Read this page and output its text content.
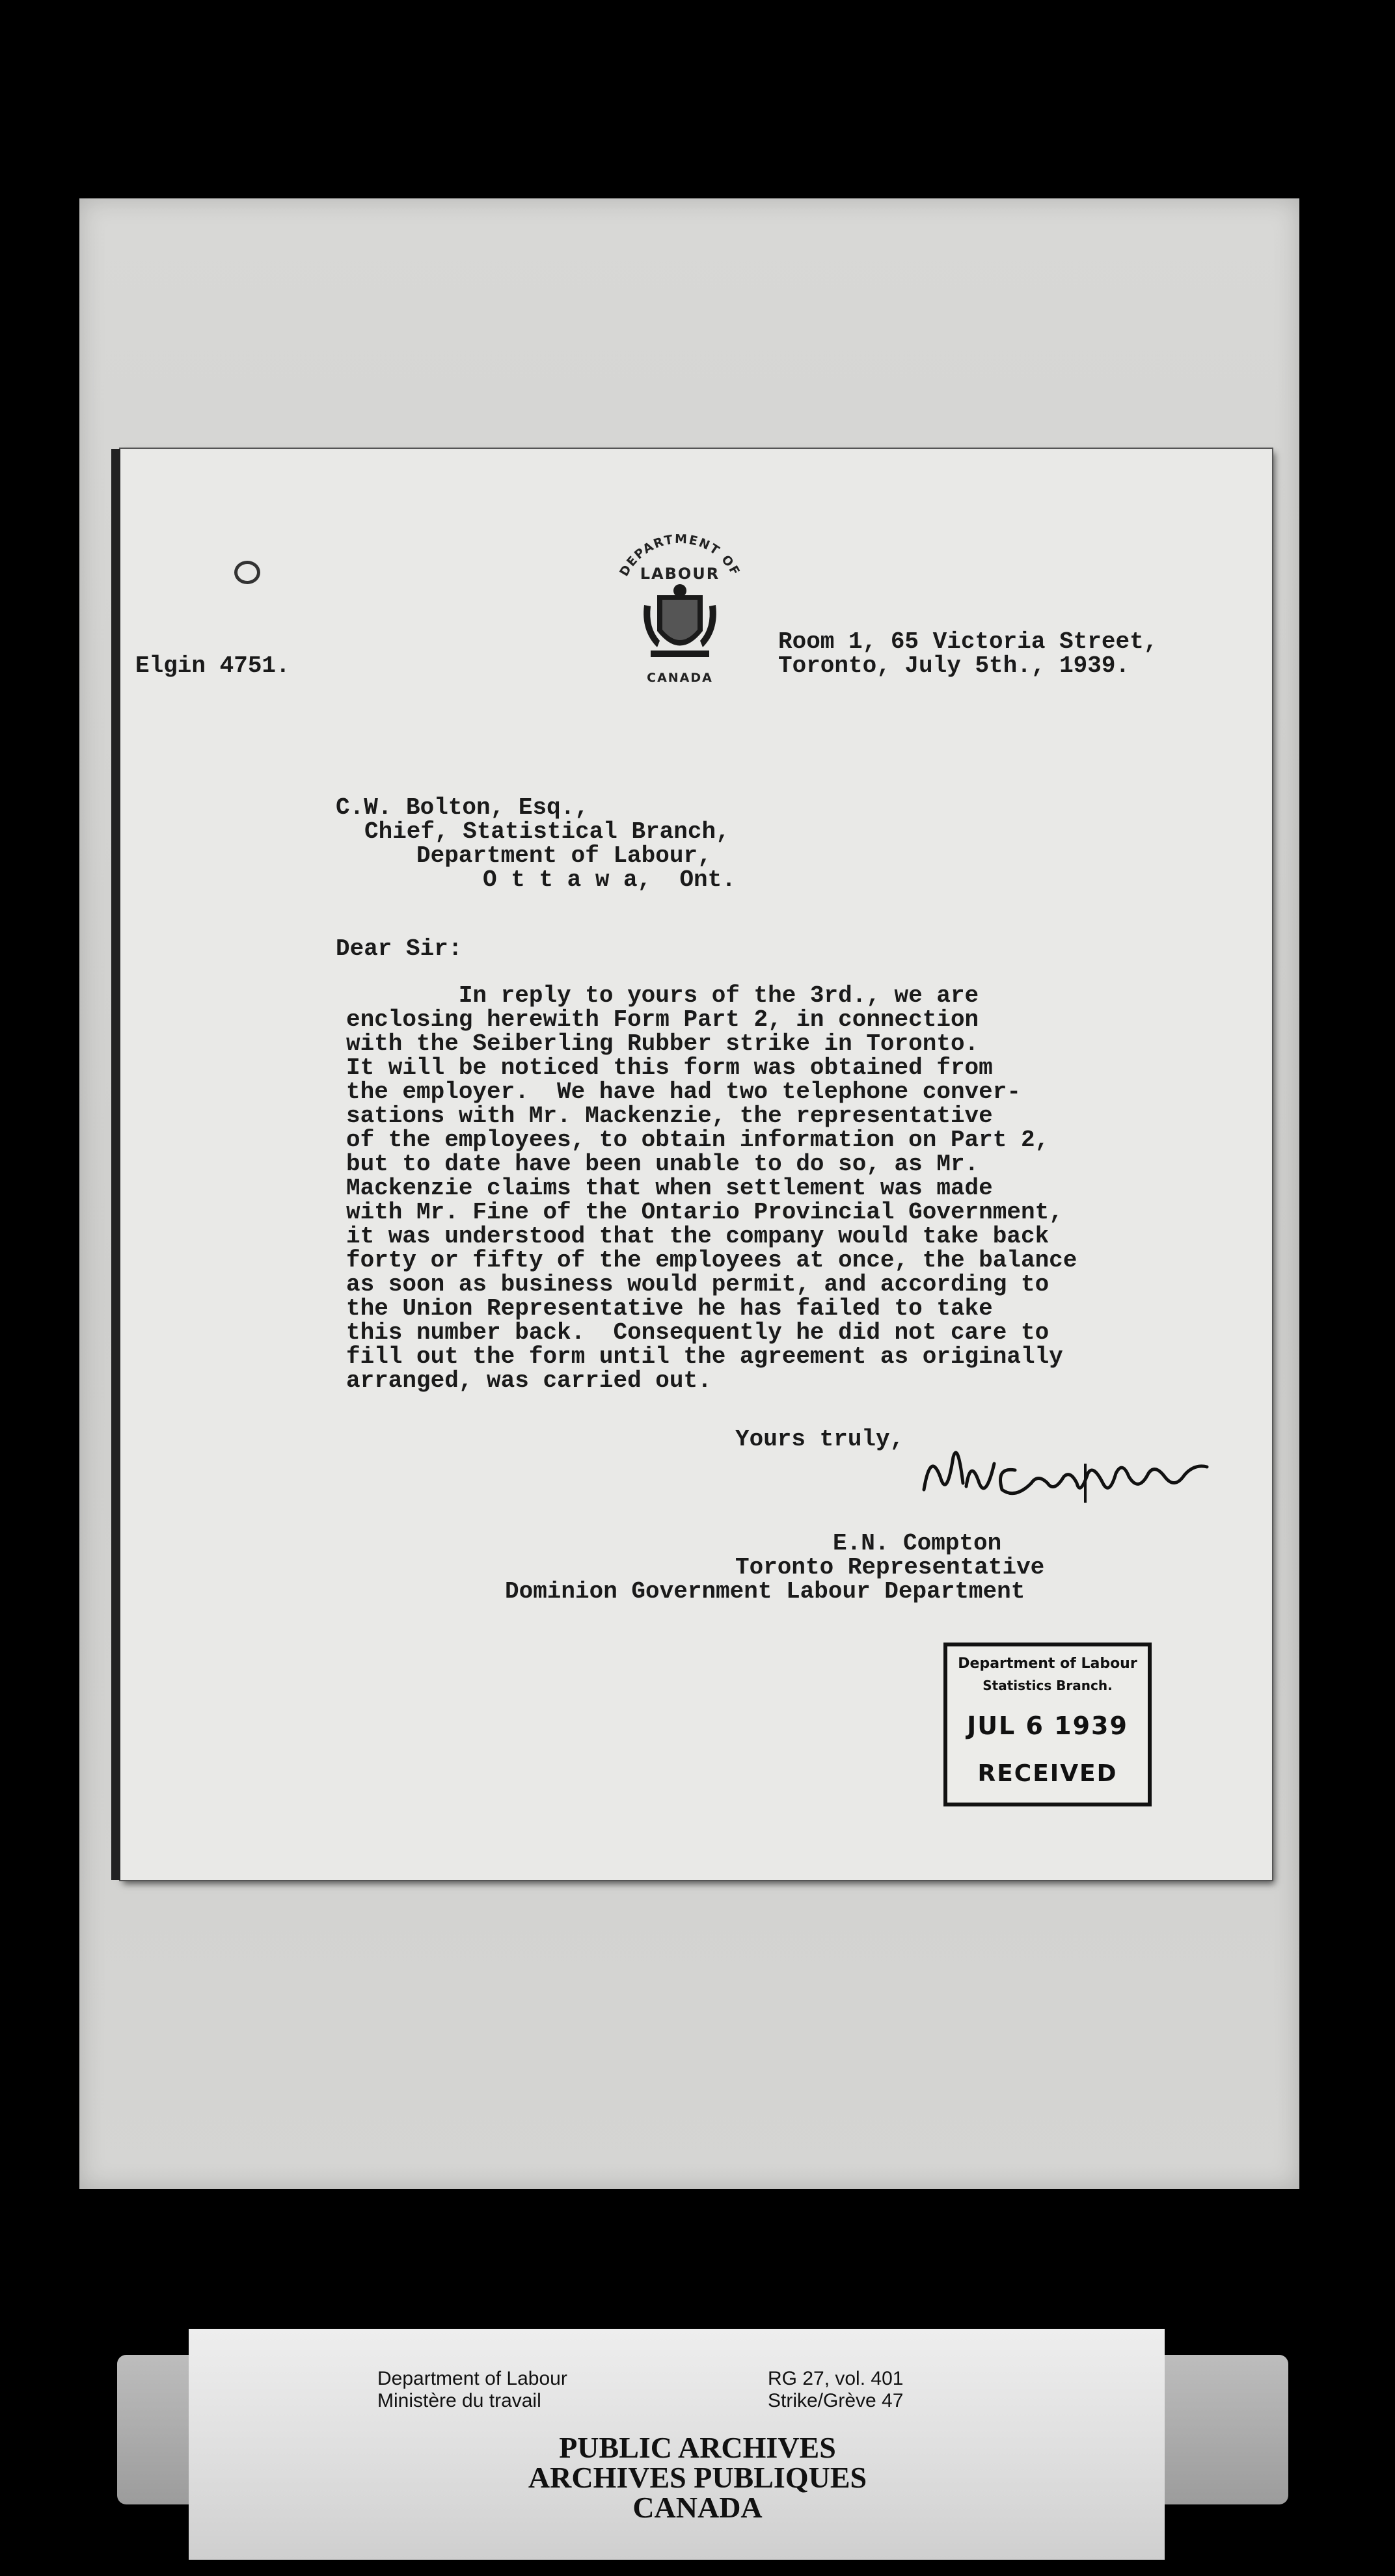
DEPARTMENT OF
LABOUR
CANADA
Elgin 4751.
Room 1, 65 Victoria Street,
Toronto, July 5th., 1939.
C.W. Bolton, Esq.,
Chief, Statistical Branch,
Department of Labour,
O t t a w a,  Ont.
Dear Sir:
In reply to yours of the 3rd., we are
enclosing herewith Form Part 2, in connection
with the Seiberling Rubber strike in Toronto.
It will be noticed this form was obtained from
the employer.  We have had two telephone conver-
sations with Mr. Mackenzie, the representative
of the employees, to obtain information on Part 2,
but to date have been unable to do so, as Mr.
Mackenzie claims that when settlement was made
with Mr. Fine of the Ontario Provincial Government,
it was understood that the company would take back
forty or fifty of the employees at once, the balance
as soon as business would permit, and according to
the Union Representative he has failed to take
this number back.  Consequently he did not care to
fill out the form until the agreement as originally
arranged, was carried out.
Yours truly,
E.N. Compton
Toronto Representative
Dominion Government Labour Department
Department of Labour
Statistics Branch.
JUL 6 1939
RECEIVED
Department of Labour
Ministère du travail
RG 27, vol. 401
Strike/Grève 47
PUBLIC ARCHIVES
ARCHIVES PUBLIQUES
CANADA
